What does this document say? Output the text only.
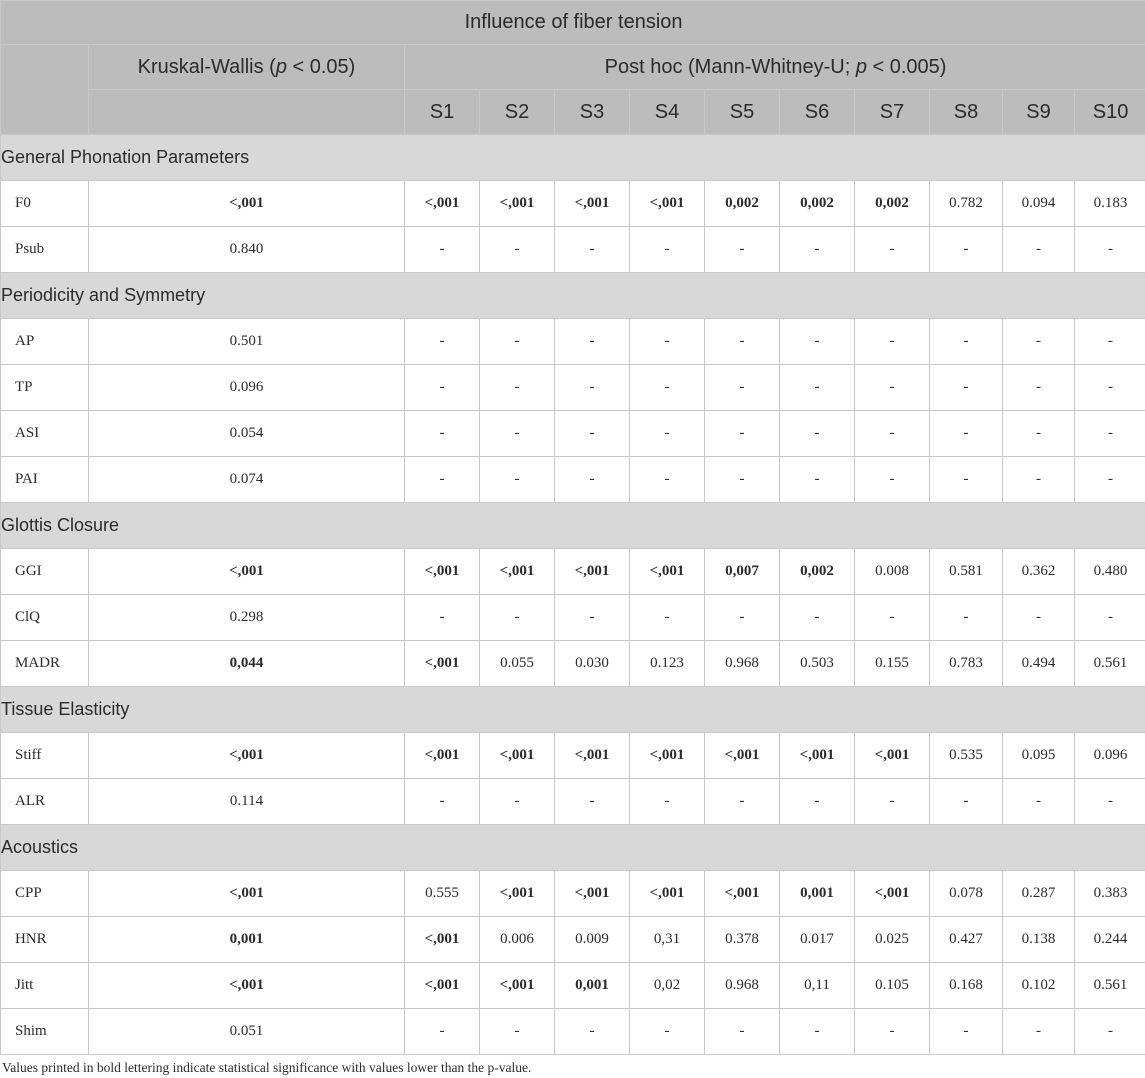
Influence of fiber tension											
	Kruskal-Wallis (p < 0.05)	Post hoc (Mann-Whitney-U; p < 0.005)									
		S1	S2	S3	S4	S5	S6	S7	S8	S9	S10
General Phonation Parameters											
F0	<,001	<,001	<,001	<,001	<,001	0,002	0,002	0,002	0.782	0.094	0.183
Psub	0.840	-	-	-	-	-	-	-	-	-	-
Periodicity and Symmetry											
AP	0.501	-	-	-	-	-	-	-	-	-	-
TP	0.096	-	-	-	-	-	-	-	-	-	-
ASI	0.054	-	-	-	-	-	-	-	-	-	-
PAI	0.074	-	-	-	-	-	-	-	-	-	-
Glottis Closure											
GGI	<,001	<,001	<,001	<,001	<,001	0,007	0,002	0.008	0.581	0.362	0.480
ClQ	0.298	-	-	-	-	-	-	-	-	-	-
MADR	0,044	<,001	0.055	0.030	0.123	0.968	0.503	0.155	0.783	0.494	0.561
Tissue Elasticity											
Stiff	<,001	<,001	<,001	<,001	<,001	<,001	<,001	<,001	0.535	0.095	0.096
ALR	0.114	-	-	-	-	-	-	-	-	-	-
Acoustics											
CPP	<,001	0.555	<,001	<,001	<,001	<,001	0,001	<,001	0.078	0.287	0.383
HNR	0,001	<,001	0.006	0.009	0,31	0.378	0.017	0.025	0.427	0.138	0.244
Jitt	<,001	<,001	<,001	0,001	0,02	0.968	0,11	0.105	0.168	0.102	0.561
Shim	0.051	-	-	-	-	-	-	-	-	-	-
Values printed in bold lettering indicate statistical significance with values lower than the p-value.
